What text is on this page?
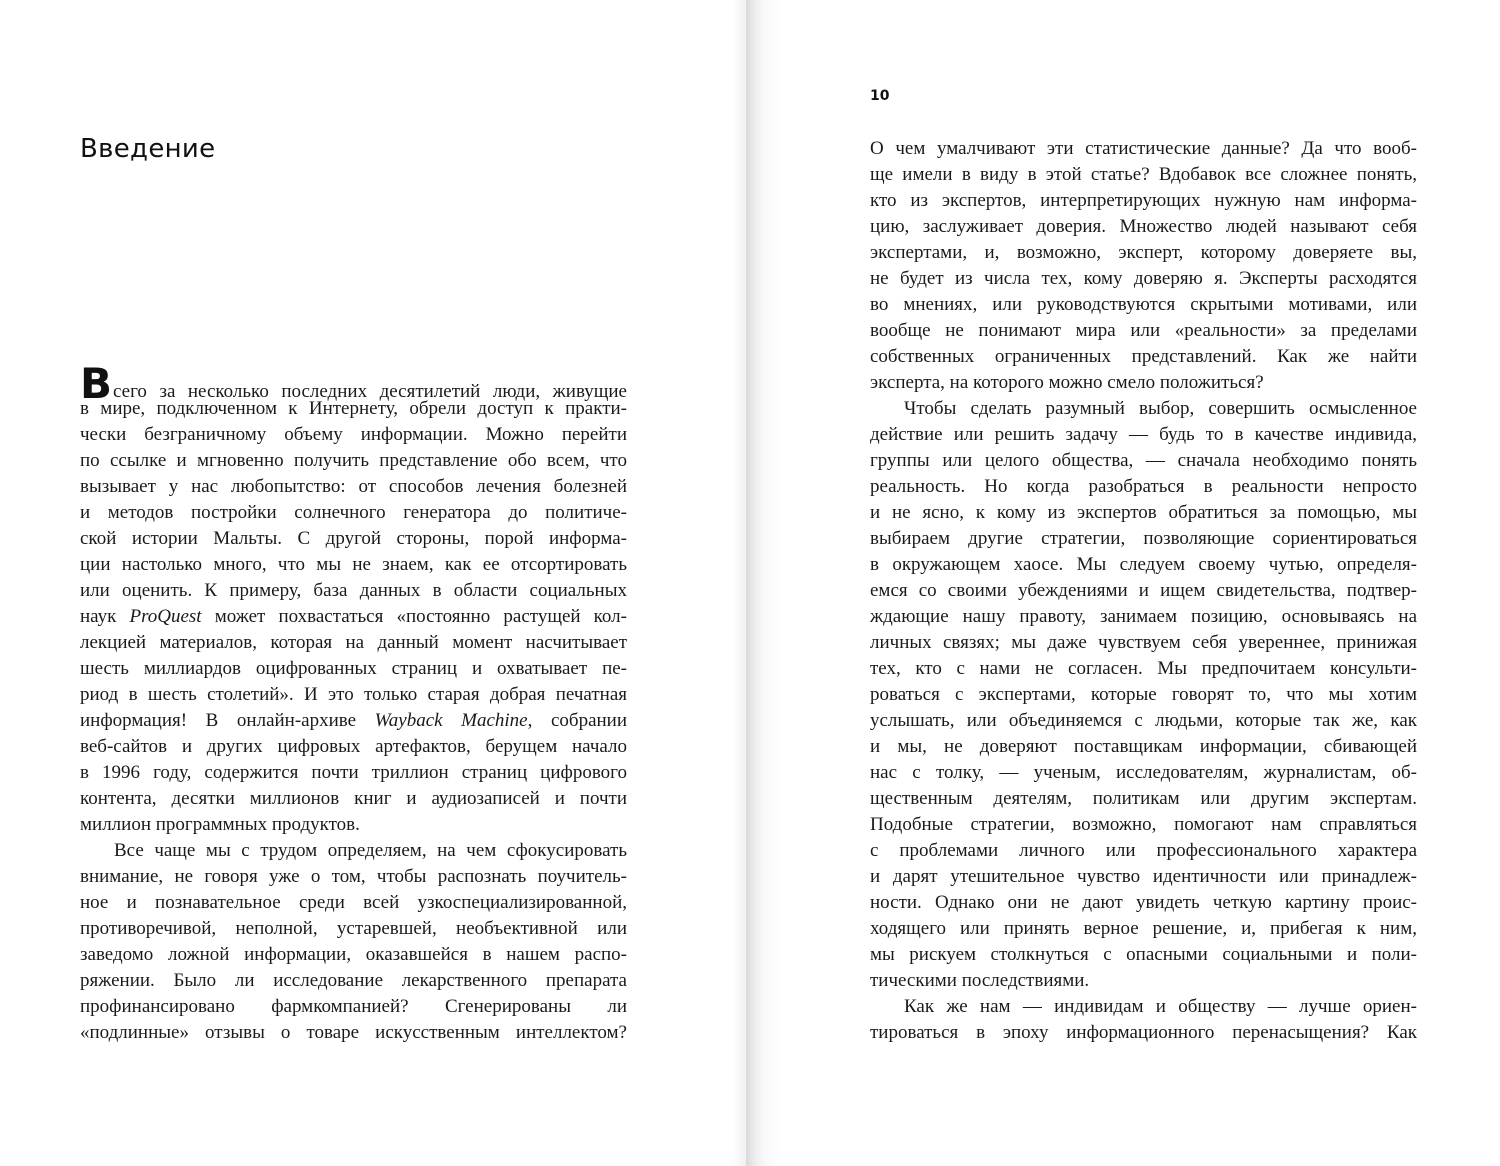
Введение
Всего за несколько последних десятилетий люди, живущие
в мире, подключенном к Интернету, обрели доступ к практи-
чески безграничному объему информации. Можно перейти
по ссылке и мгновенно получить представление обо всем, что
вызывает у нас любопытство: от способов лечения болезней
и методов постройки солнечного генератора до политиче-
ской истории Мальты. С другой стороны, порой информа-
ции настолько много, что мы не знаем, как ее отсортировать
или оценить. К примеру, база данных в области социальных
наук ProQuest может похвастаться «постоянно растущей кол-
лекцией материалов, которая на данный момент насчитывает
шесть миллиардов оцифрованных страниц и охватывает пе-
риод в шесть столетий». И это только старая добрая печатная
информация! В онлайн-архиве Wayback Machine, собрании
веб-сайтов и других цифровых артефактов, берущем начало
в 1996 году, содержится почти триллион страниц цифрового
контента, десятки миллионов книг и аудиозаписей и почти
миллион программных продуктов.
Все чаще мы с трудом определяем, на чем сфокусировать
внимание, не говоря уже о том, чтобы распознать поучитель-
ное и познавательное среди всей узкоспециализированной,
противоречивой, неполной, устаревшей, необъективной или
заведомо ложной информации, оказавшейся в нашем распо-
ряжении. Было ли исследование лекарственного препарата
профинансировано фармкомпанией? Сгенерированы ли
«подлинные» отзывы о товаре искусственным интеллектом?
10
О чем умалчивают эти статистические данные? Да что вооб-
ще имели в виду в этой статье? Вдобавок все сложнее понять,
кто из экспертов, интерпретирующих нужную нам информа-
цию, заслуживает доверия. Множество людей называют себя
экспертами, и, возможно, эксперт, которому доверяете вы,
не будет из числа тех, кому доверяю я. Эксперты расходятся
во мнениях, или руководствуются скрытыми мотивами, или
вообще не понимают мира или «реальности» за пределами
собственных ограниченных представлений. Как же найти
эксперта, на которого можно смело положиться?
Чтобы сделать разумный выбор, совершить осмысленное
действие или решить задачу — будь то в качестве индивида,
группы или целого общества, — сначала необходимо понять
реальность. Но когда разобраться в реальности непросто
и не ясно, к кому из экспертов обратиться за помощью, мы
выбираем другие стратегии, позволяющие сориентироваться
в окружающем хаосе. Мы следуем своему чутью, определя-
емся со своими убеждениями и ищем свидетельства, подтвер-
ждающие нашу правоту, занимаем позицию, основываясь на
личных связях; мы даже чувствуем себя увереннее, принижая
тех, кто с нами не согласен. Мы предпочитаем консульти-
роваться с экспертами, которые говорят то, что мы хотим
услышать, или объединяемся с людьми, которые так же, как
и мы, не доверяют поставщикам информации, сбивающей
нас с толку, — ученым, исследователям, журналистам, об-
щественным деятелям, политикам или другим экспертам.
Подобные стратегии, возможно, помогают нам справляться
с проблемами личного или профессионального характера
и дарят утешительное чувство идентичности или принадлеж-
ности. Однако они не дают увидеть четкую картину проис-
ходящего или принять верное решение, и, прибегая к ним,
мы рискуем столкнуться с опасными социальными и поли-
тическими последствиями.
Как же нам — индивидам и обществу — лучше ориен-
тироваться в эпоху информационного перенасыщения? Как
